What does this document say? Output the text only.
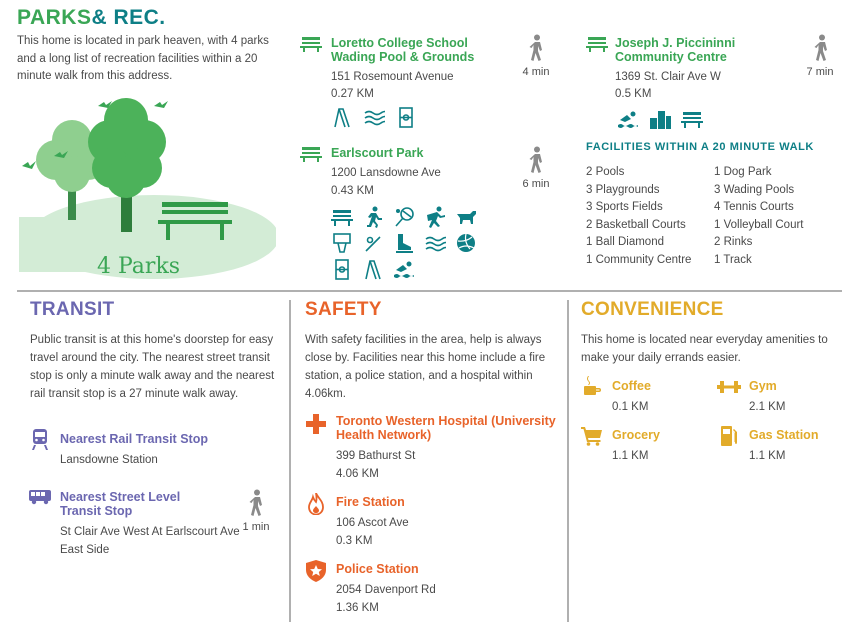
PARKS& REC.
This home is located in park heaven, with 4 parks and a long list of recreation facilities within a 20 minute walk from this address.
4 Parks
Loretto College School Wading Pool & Grounds
151 Rosemount Avenue
0.27 KM
4 min
Joseph J. Piccininni Community Centre
1369 St. Clair Ave W
0.5 KM
7 min
Earlscourt Park
1200 Lansdowne Ave
0.43 KM
6 min
FACILITIES WITHIN A 20 MINUTE WALK
2 Pools
3 Playgrounds
3 Sports Fields
2 Basketball Courts
1 Ball Diamond
1 Community Centre
1 Dog Park
3 Wading Pools
4 Tennis Courts
1 Volleyball Court
2 Rinks
1 Track
TRANSIT
Public transit is at this home's doorstep for easy travel around the city. The nearest street transit stop is only a minute walk away and the nearest rail transit stop is a 27 minute walk away.
Nearest Rail Transit Stop
Lansdowne Station
Nearest Street Level Transit Stop
St Clair Ave West At Earlscourt Ave East Side
1 min
SAFETY
With safety facilities in the area, help is always close by. Facilities near this home include a fire station, a police station, and a hospital within 4.06km.
Toronto Western Hospital (University Health Network)
399 Bathurst St
4.06 KM
Fire Station
106 Ascot Ave
0.3 KM
Police Station
2054 Davenport Rd
1.36 KM
CONVENIENCE
This home is located near everyday amenities to make your daily errands easier.
Coffee
0.1 KM
Gym
2.1 KM
Grocery
1.1 KM
Gas Station
1.1 KM
